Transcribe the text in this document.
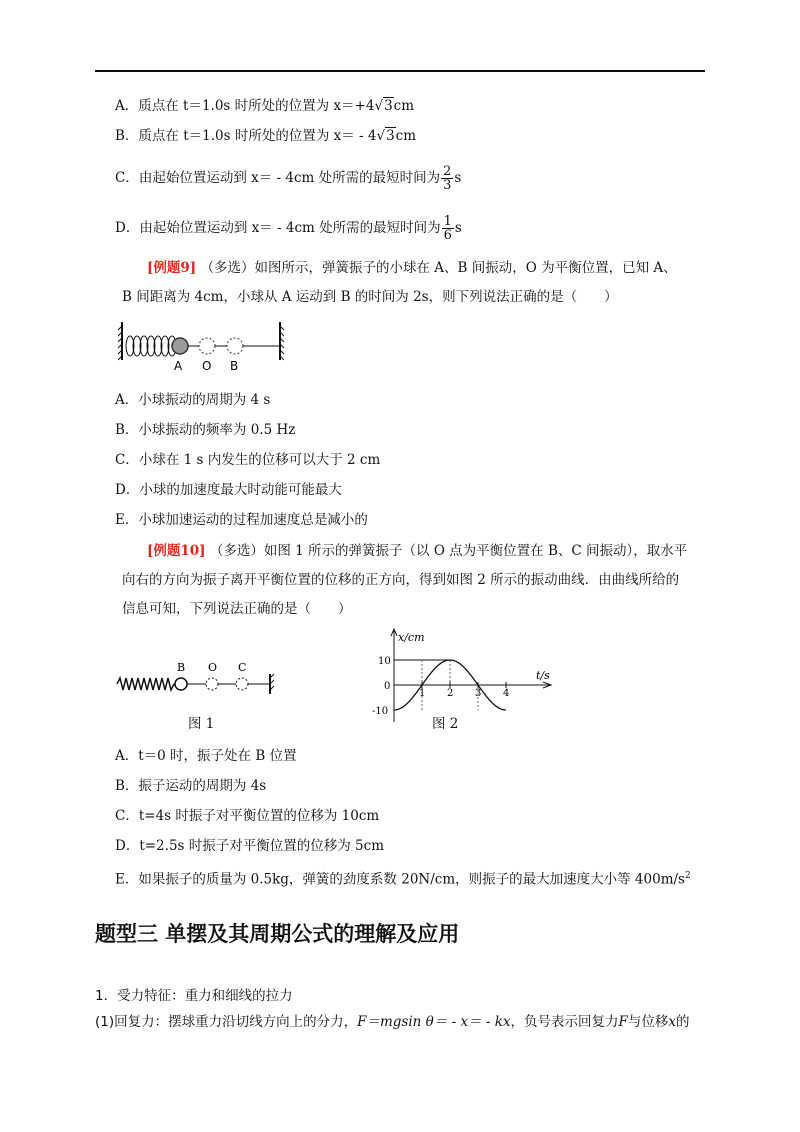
A．质点在 t＝1.0s 时所处的位置为 x＝+4√3cm
B．质点在 t＝1.0s 时所处的位置为 x＝ - 4√3cm
C．由起始位置运动到 x＝ - 4cm 处所需的最短时间为 $\frac{2}{3}$ s
D．由起始位置运动到 x＝ - 4cm 处所需的最短时间为 $\frac{1}{6}$ s
[例题9] （多选）如图所示，弹簧振子的小球在 A、B 间振动，O 为平衡位置，已知 A、
B 间距离为 4cm，小球从 A 运动到 B 的时间为 2s，则下列说法正确的是（　　）
A O B
A．小球振动的周期为 4 s
B．小球振动的频率为 0.5 Hz
C．小球在 1 s 内发生的位移可以大于 2 cm
D．小球的加速度最大时动能可能最大
E．小球加速运动的过程加速度总是减小的
[例题10] （多选）如图 1 所示的弹簧振子（以 O 点为平衡位置在 B、C 间振动），取水平
向右的方向为振子离开平衡位置的位移的正方向，得到如图 2 所示的振动曲线．由曲线所给的
信息可知，下列说法正确的是（　　）
B O C
图 1
1 2 3 4
10
0
-10
x/cm
t/s
图 2
A．t＝0 时，振子处在 B 位置
B．振子运动的周期为 4s
C．t=4s 时振子对平衡位置的位移为 10cm
D．t=2.5s 时振子对平衡位置的位移为 5cm
E．如果振子的质量为 0.5kg，弹簧的劲度系数 20N/cm，则振子的最大加速度大小等 $400m/s^2$
题型三 单摆及其周期公式的理解及应用
1．受力特征：重力和细线的拉力
(1)回复力：摆球重力沿切线方向上的分力，F＝mgsin θ＝ - x＝ - kx，负号表示回复力F与位移x的
